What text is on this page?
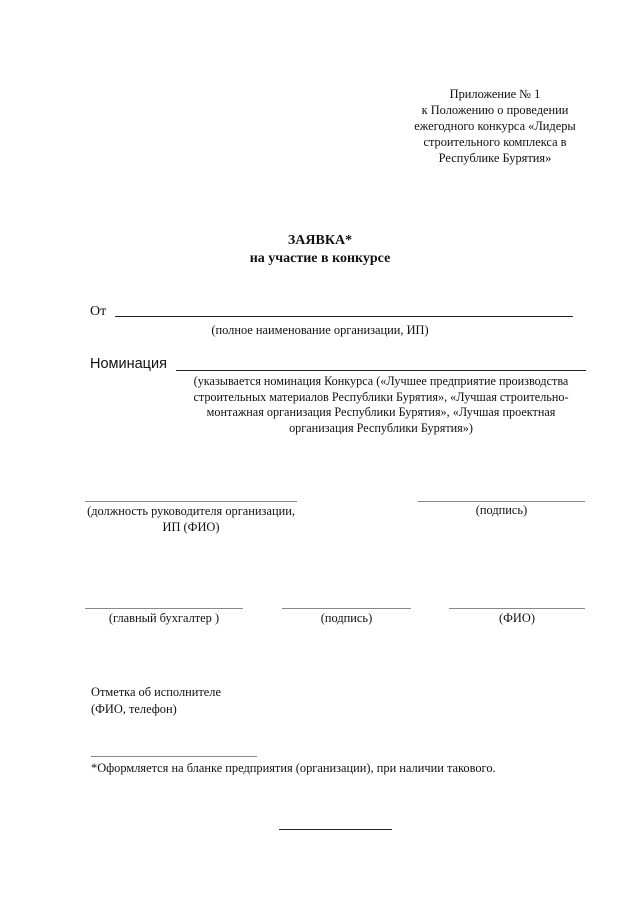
Приложение № 1
к Положению о проведении
ежегодного конкурса «Лидеры
строительного комплекса в
Республике Бурятия»
ЗАЯВКА*
на участие в конкурсе
От
(полное наименование организации, ИП)
Номинация
(указывается номинация Конкурса («Лучшее предприятие производства
строительных материалов Республики Бурятия», «Лучшая строительно-
монтажная организация Республики Бурятия», «Лучшая проектная
организация Республики Бурятия»)
(должность руководителя организации,
ИП (ФИО)
(подпись)
(главный бухгалтер )	(подпись)	(ФИО)
Отметка об исполнителе
(ФИО, телефон)
*Оформляется на бланке предприятия (организации), при наличии такового.
